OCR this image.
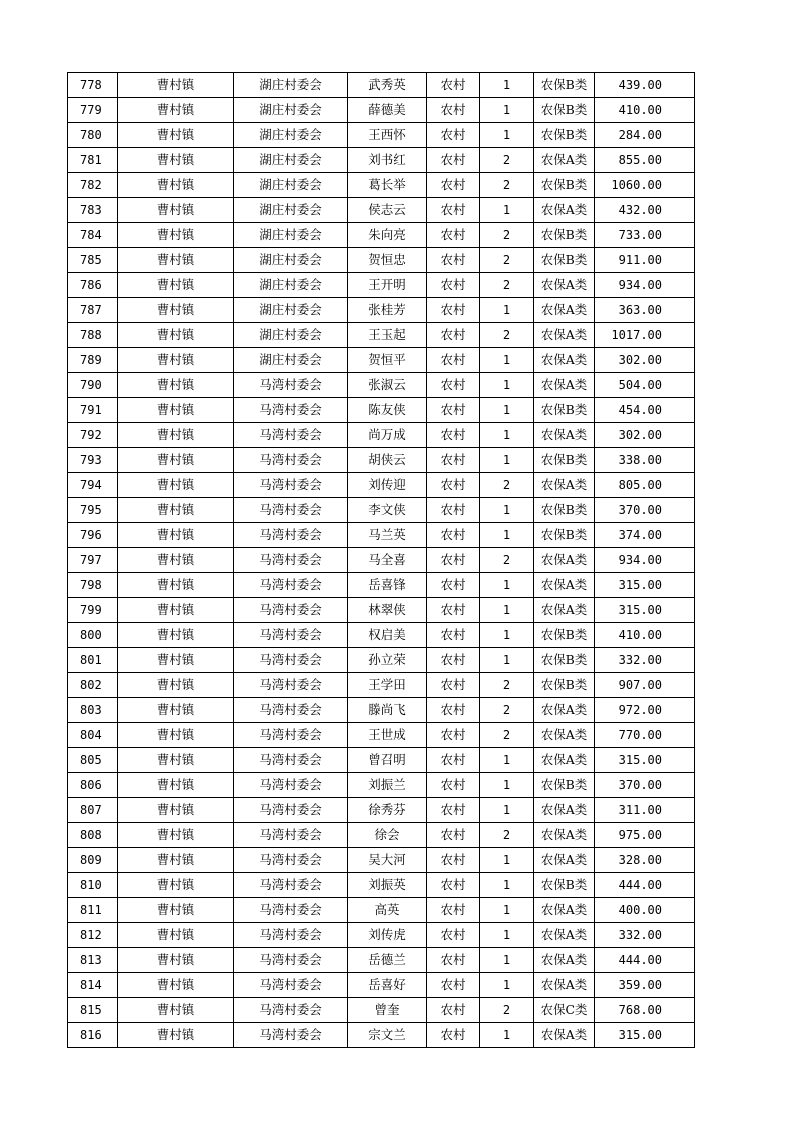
778	曹村镇	湖庄村委会	武秀英	农村	1	农保B类	439.00
779	曹村镇	湖庄村委会	薛德美	农村	1	农保B类	410.00
780	曹村镇	湖庄村委会	王西怀	农村	1	农保B类	284.00
781	曹村镇	湖庄村委会	刘书红	农村	2	农保A类	855.00
782	曹村镇	湖庄村委会	葛长举	农村	2	农保B类	1060.00
783	曹村镇	湖庄村委会	侯志云	农村	1	农保A类	432.00
784	曹村镇	湖庄村委会	朱向亮	农村	2	农保B类	733.00
785	曹村镇	湖庄村委会	贺恒忠	农村	2	农保B类	911.00
786	曹村镇	湖庄村委会	王开明	农村	2	农保A类	934.00
787	曹村镇	湖庄村委会	张桂芳	农村	1	农保A类	363.00
788	曹村镇	湖庄村委会	王玉起	农村	2	农保A类	1017.00
789	曹村镇	湖庄村委会	贺恒平	农村	1	农保A类	302.00
790	曹村镇	马湾村委会	张淑云	农村	1	农保A类	504.00
791	曹村镇	马湾村委会	陈友侠	农村	1	农保B类	454.00
792	曹村镇	马湾村委会	尚万成	农村	1	农保A类	302.00
793	曹村镇	马湾村委会	胡侠云	农村	1	农保B类	338.00
794	曹村镇	马湾村委会	刘传迎	农村	2	农保A类	805.00
795	曹村镇	马湾村委会	李文侠	农村	1	农保B类	370.00
796	曹村镇	马湾村委会	马兰英	农村	1	农保B类	374.00
797	曹村镇	马湾村委会	马全喜	农村	2	农保A类	934.00
798	曹村镇	马湾村委会	岳喜锋	农村	1	农保A类	315.00
799	曹村镇	马湾村委会	林翠侠	农村	1	农保A类	315.00
800	曹村镇	马湾村委会	权启美	农村	1	农保B类	410.00
801	曹村镇	马湾村委会	孙立荣	农村	1	农保B类	332.00
802	曹村镇	马湾村委会	王学田	农村	2	农保B类	907.00
803	曹村镇	马湾村委会	滕尚飞	农村	2	农保A类	972.00
804	曹村镇	马湾村委会	王世成	农村	2	农保A类	770.00
805	曹村镇	马湾村委会	曾召明	农村	1	农保A类	315.00
806	曹村镇	马湾村委会	刘振兰	农村	1	农保B类	370.00
807	曹村镇	马湾村委会	徐秀芬	农村	1	农保A类	311.00
808	曹村镇	马湾村委会	徐会	农村	2	农保A类	975.00
809	曹村镇	马湾村委会	吴大河	农村	1	农保A类	328.00
810	曹村镇	马湾村委会	刘振英	农村	1	农保B类	444.00
811	曹村镇	马湾村委会	高英	农村	1	农保A类	400.00
812	曹村镇	马湾村委会	刘传虎	农村	1	农保A类	332.00
813	曹村镇	马湾村委会	岳德兰	农村	1	农保A类	444.00
814	曹村镇	马湾村委会	岳喜好	农村	1	农保A类	359.00
815	曹村镇	马湾村委会	曾奎	农村	2	农保C类	768.00
816	曹村镇	马湾村委会	宗文兰	农村	1	农保A类	315.00
